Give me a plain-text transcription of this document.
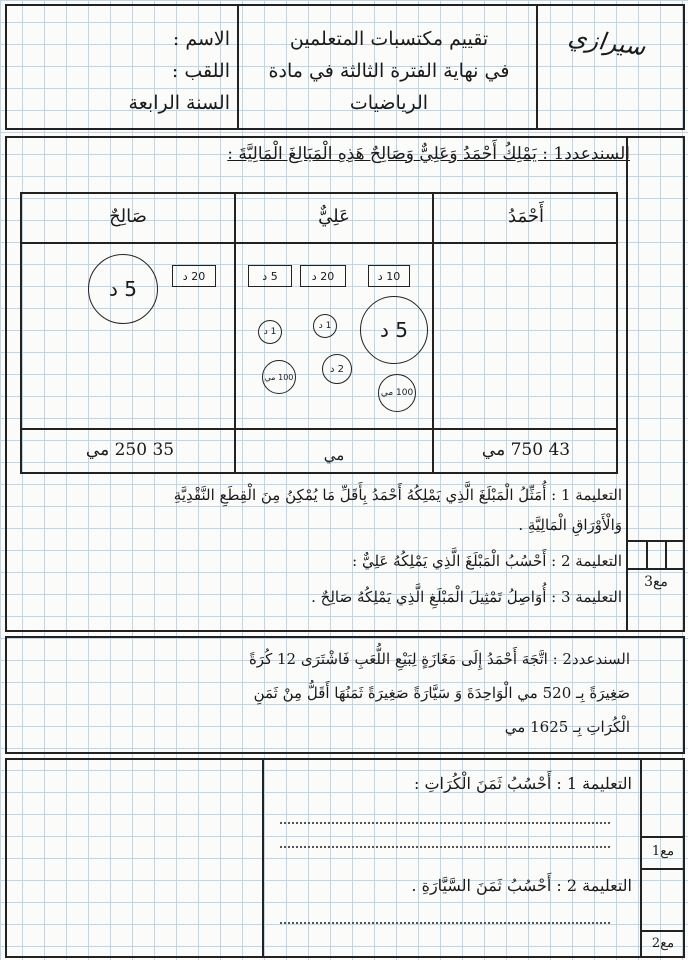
سيرازي
تقييم مكتسبات المتعلمين
في نهاية الفترة الثالثة في مادة
الرياضيات
الاسم :
اللقب :
السنة الرابعة
السندعدد1 : يَمْلِكُ أَحْمَدُ وَعَلِيٌّ وَصَالِحٌ هَذِهِ الْمَبَالِغَ الْمَالِيَّةَ :
أَحْمَدُ
عَلِيٌّ
صَالِحٌ
10 د
5 د
100 مي
20 د
5 د
1 د
1 د
2 د
100 مي
20 د
5 د
43 750 مي
مي
35 250 مي
التعليمة 1 : أُمَثِّلُ الْمَبْلَغَ الَّذِي يَمْلِكُهُ أَحْمَدُ بِأَقَلِّ مَا يُمْكِنُ مِنَ الْقِطَعِ النَّقْدِيَّةِ
وَالْأَوْرَاقِ الْمَالِيَّةِ .
التعليمة 2 : أَحْسُبُ الْمَبْلَغَ الَّذِي يَمْلِكُهُ عَلِيٌّ :
التعليمة 3 : أُوَاصِلُ تَمْثِيلَ الْمَبْلَغِ الَّذِي يَمْلِكُهُ صَالِحٌ .
مع3
السندعدد2 : اتَّجَهَ أَحْمَدُ إِلَى مَغَازَةٍ لِبَيْعِ اللُّعَبِ فَاشْتَرَى 12 كُرَةً
صَغِيرَةً بِـ 520 مي الْوَاحِدَةَ وَ سَيَّارَةً صَغِيرَةً ثَمَنُهَا أَقَلُّ مِنْ ثَمَنِ
الْكُرَاتِ بِـ 1625 مي
التعليمة 1 : أَحْسُبُ ثَمَنَ الْكُرَاتِ :
مع1
التعليمة 2 : أَحْسُبُ ثَمَنَ السَّيَّارَةِ .
مع2
